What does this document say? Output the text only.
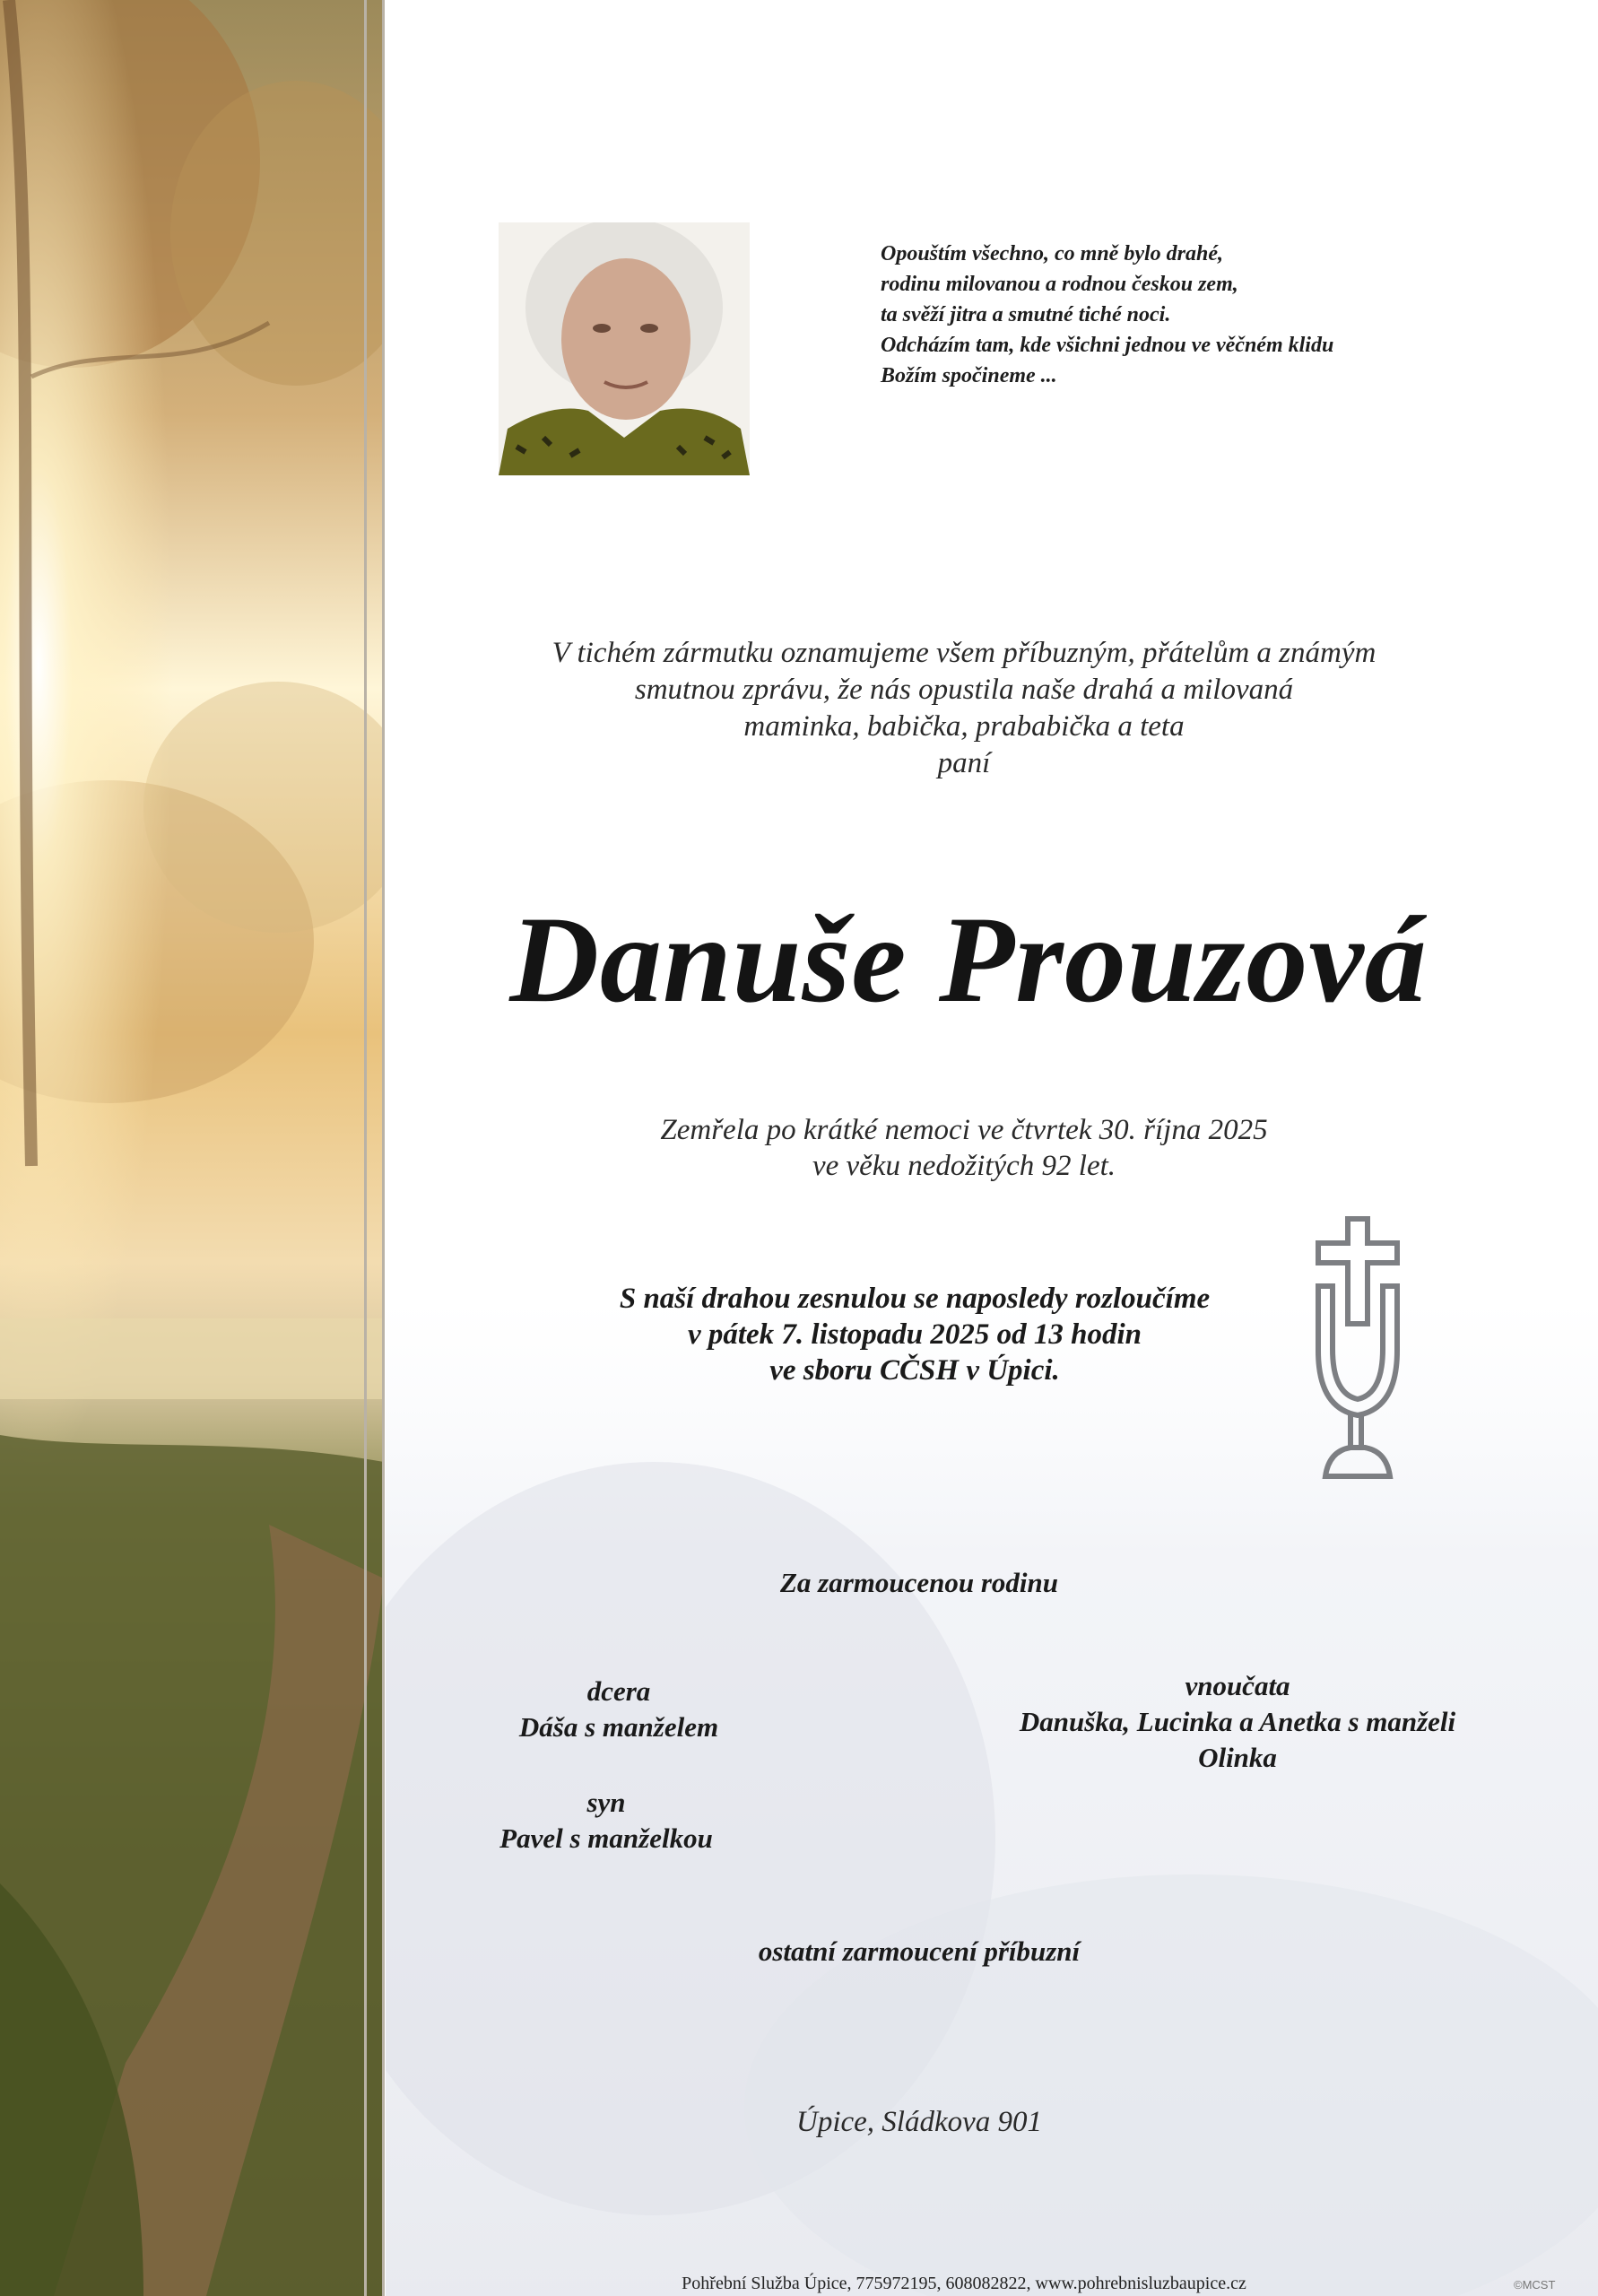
Opouštím všechno, co mně bylo drahé,
rodinu milovanou a rodnou českou zem,
ta svěží jitra a smutné tiché noci.
Odcházím tam, kde všichni jednou ve věčném klidu
Božím spočineme ...
V tichém zármutku oznamujeme všem příbuzným, přátelům a známým
smutnou zprávu, že nás opustila naše drahá a milovaná
maminka, babička, prababička a teta
paní
Danuše Prouzová
Zemřela po krátké nemoci ve čtvrtek 30. října 2025
ve věku nedožitých 92 let.
S naší drahou zesnulou se naposledy rozloučíme
v pátek 7. listopadu 2025 od 13 hodin
ve sboru CČSH v Úpici.
Za zarmoucenou rodinu
dcera
Dáša s manželem
syn
Pavel s manželkou
vnoučata
Danuška, Lucinka a Anetka s manželi
Olinka
ostatní zarmoucení příbuzní
Úpice, Sládkova 901
Pohřební Služba Úpice, 775972195, 608082822, www.pohrebnisluzbaupice.cz	©MCST
